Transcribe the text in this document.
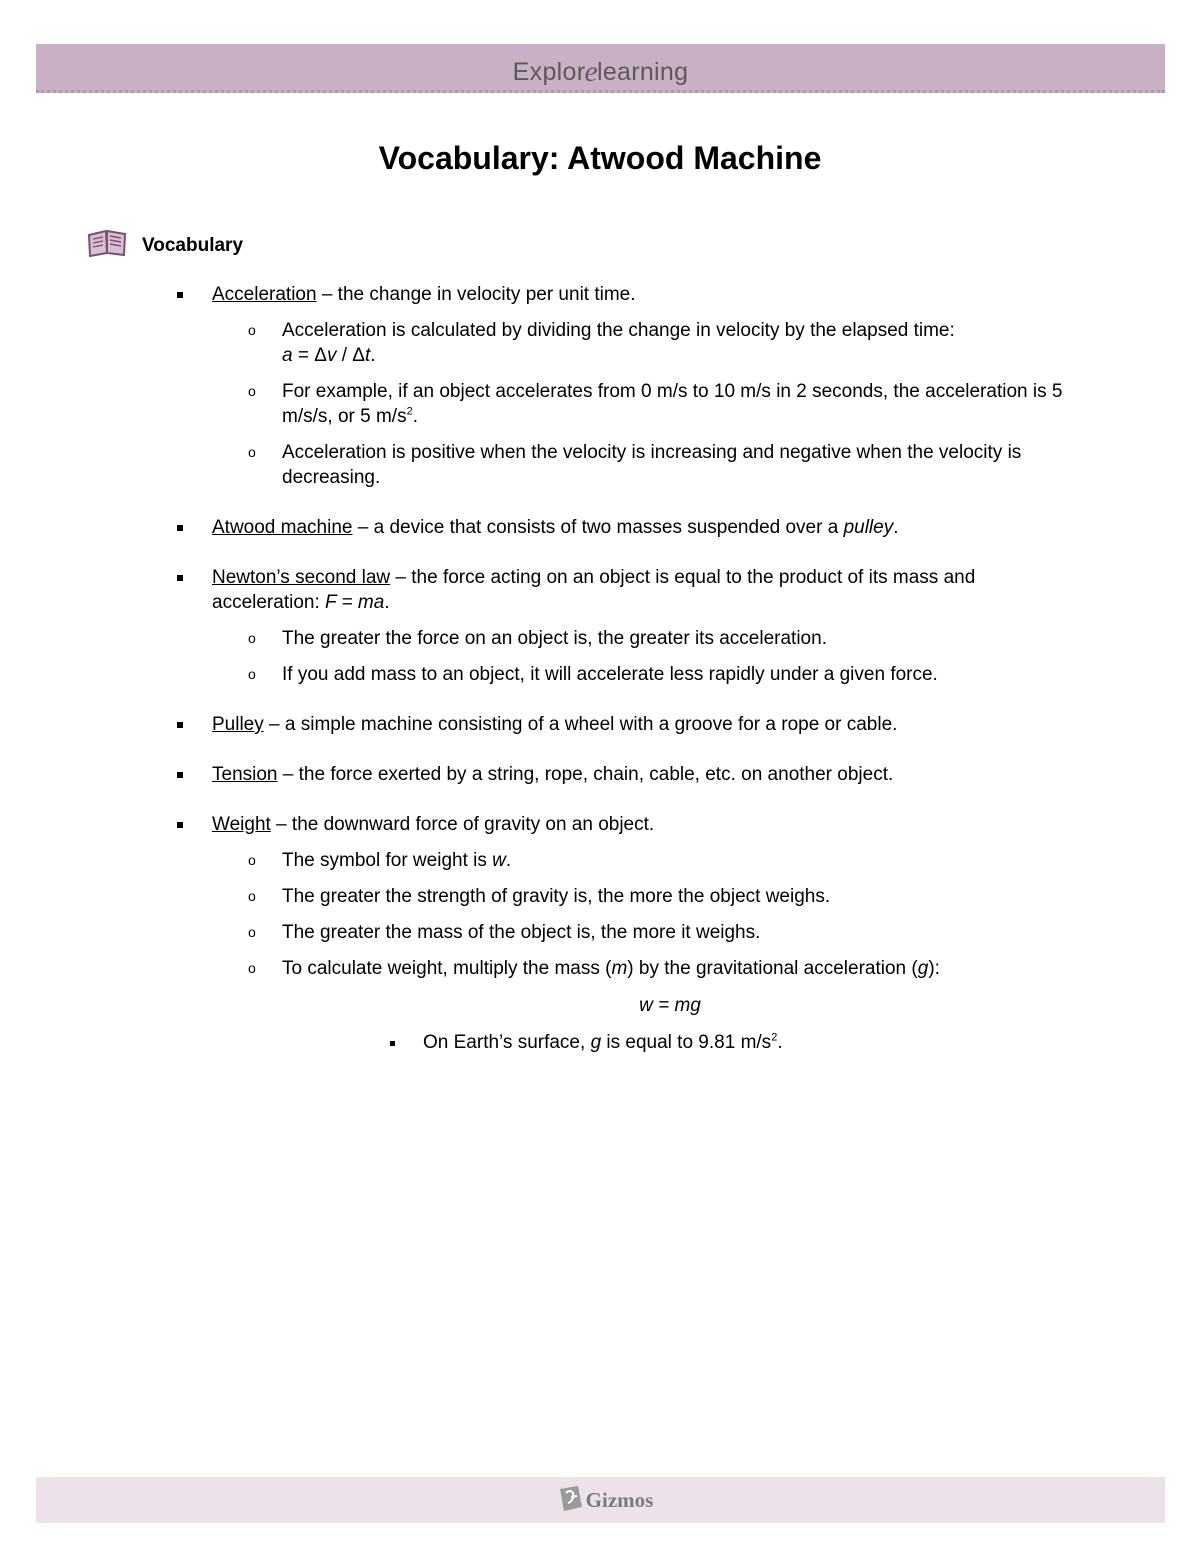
Explor e learning
Vocabulary: Atwood Machine
Vocabulary
Acceleration – the change in velocity per unit time.
o Acceleration is calculated by dividing the change in velocity by the elapsed time:
a = Δv / Δt.
o For example, if an object accelerates from 0 m/s to 10 m/s in 2 seconds, the acceleration is 5 m/s/s, or 5 $m/s^2$.
o Acceleration is positive when the velocity is increasing and negative when the velocity is decreasing.
Atwood machine – a device that consists of two masses suspended over a pulley.
Newton’s second law – the force acting on an object is equal to the product of its mass and acceleration: F = ma.
o The greater the force on an object is, the greater its acceleration.
o If you add mass to an object, it will accelerate less rapidly under a given force.
Pulley – a simple machine consisting of a wheel with a groove for a rope or cable.
Tension – the force exerted by a string, rope, chain, cable, etc. on another object.
Weight – the downward force of gravity on an object.
o The symbol for weight is w.
o The greater the strength of gravity is, the more the object weighs.
o The greater the mass of the object is, the more it weighs.
o To calculate weight, multiply the mass (m) by the gravitational acceleration (g):
w = mg
On Earth’s surface, g is equal to 9.81 $m/s^2$.
Gizmos
